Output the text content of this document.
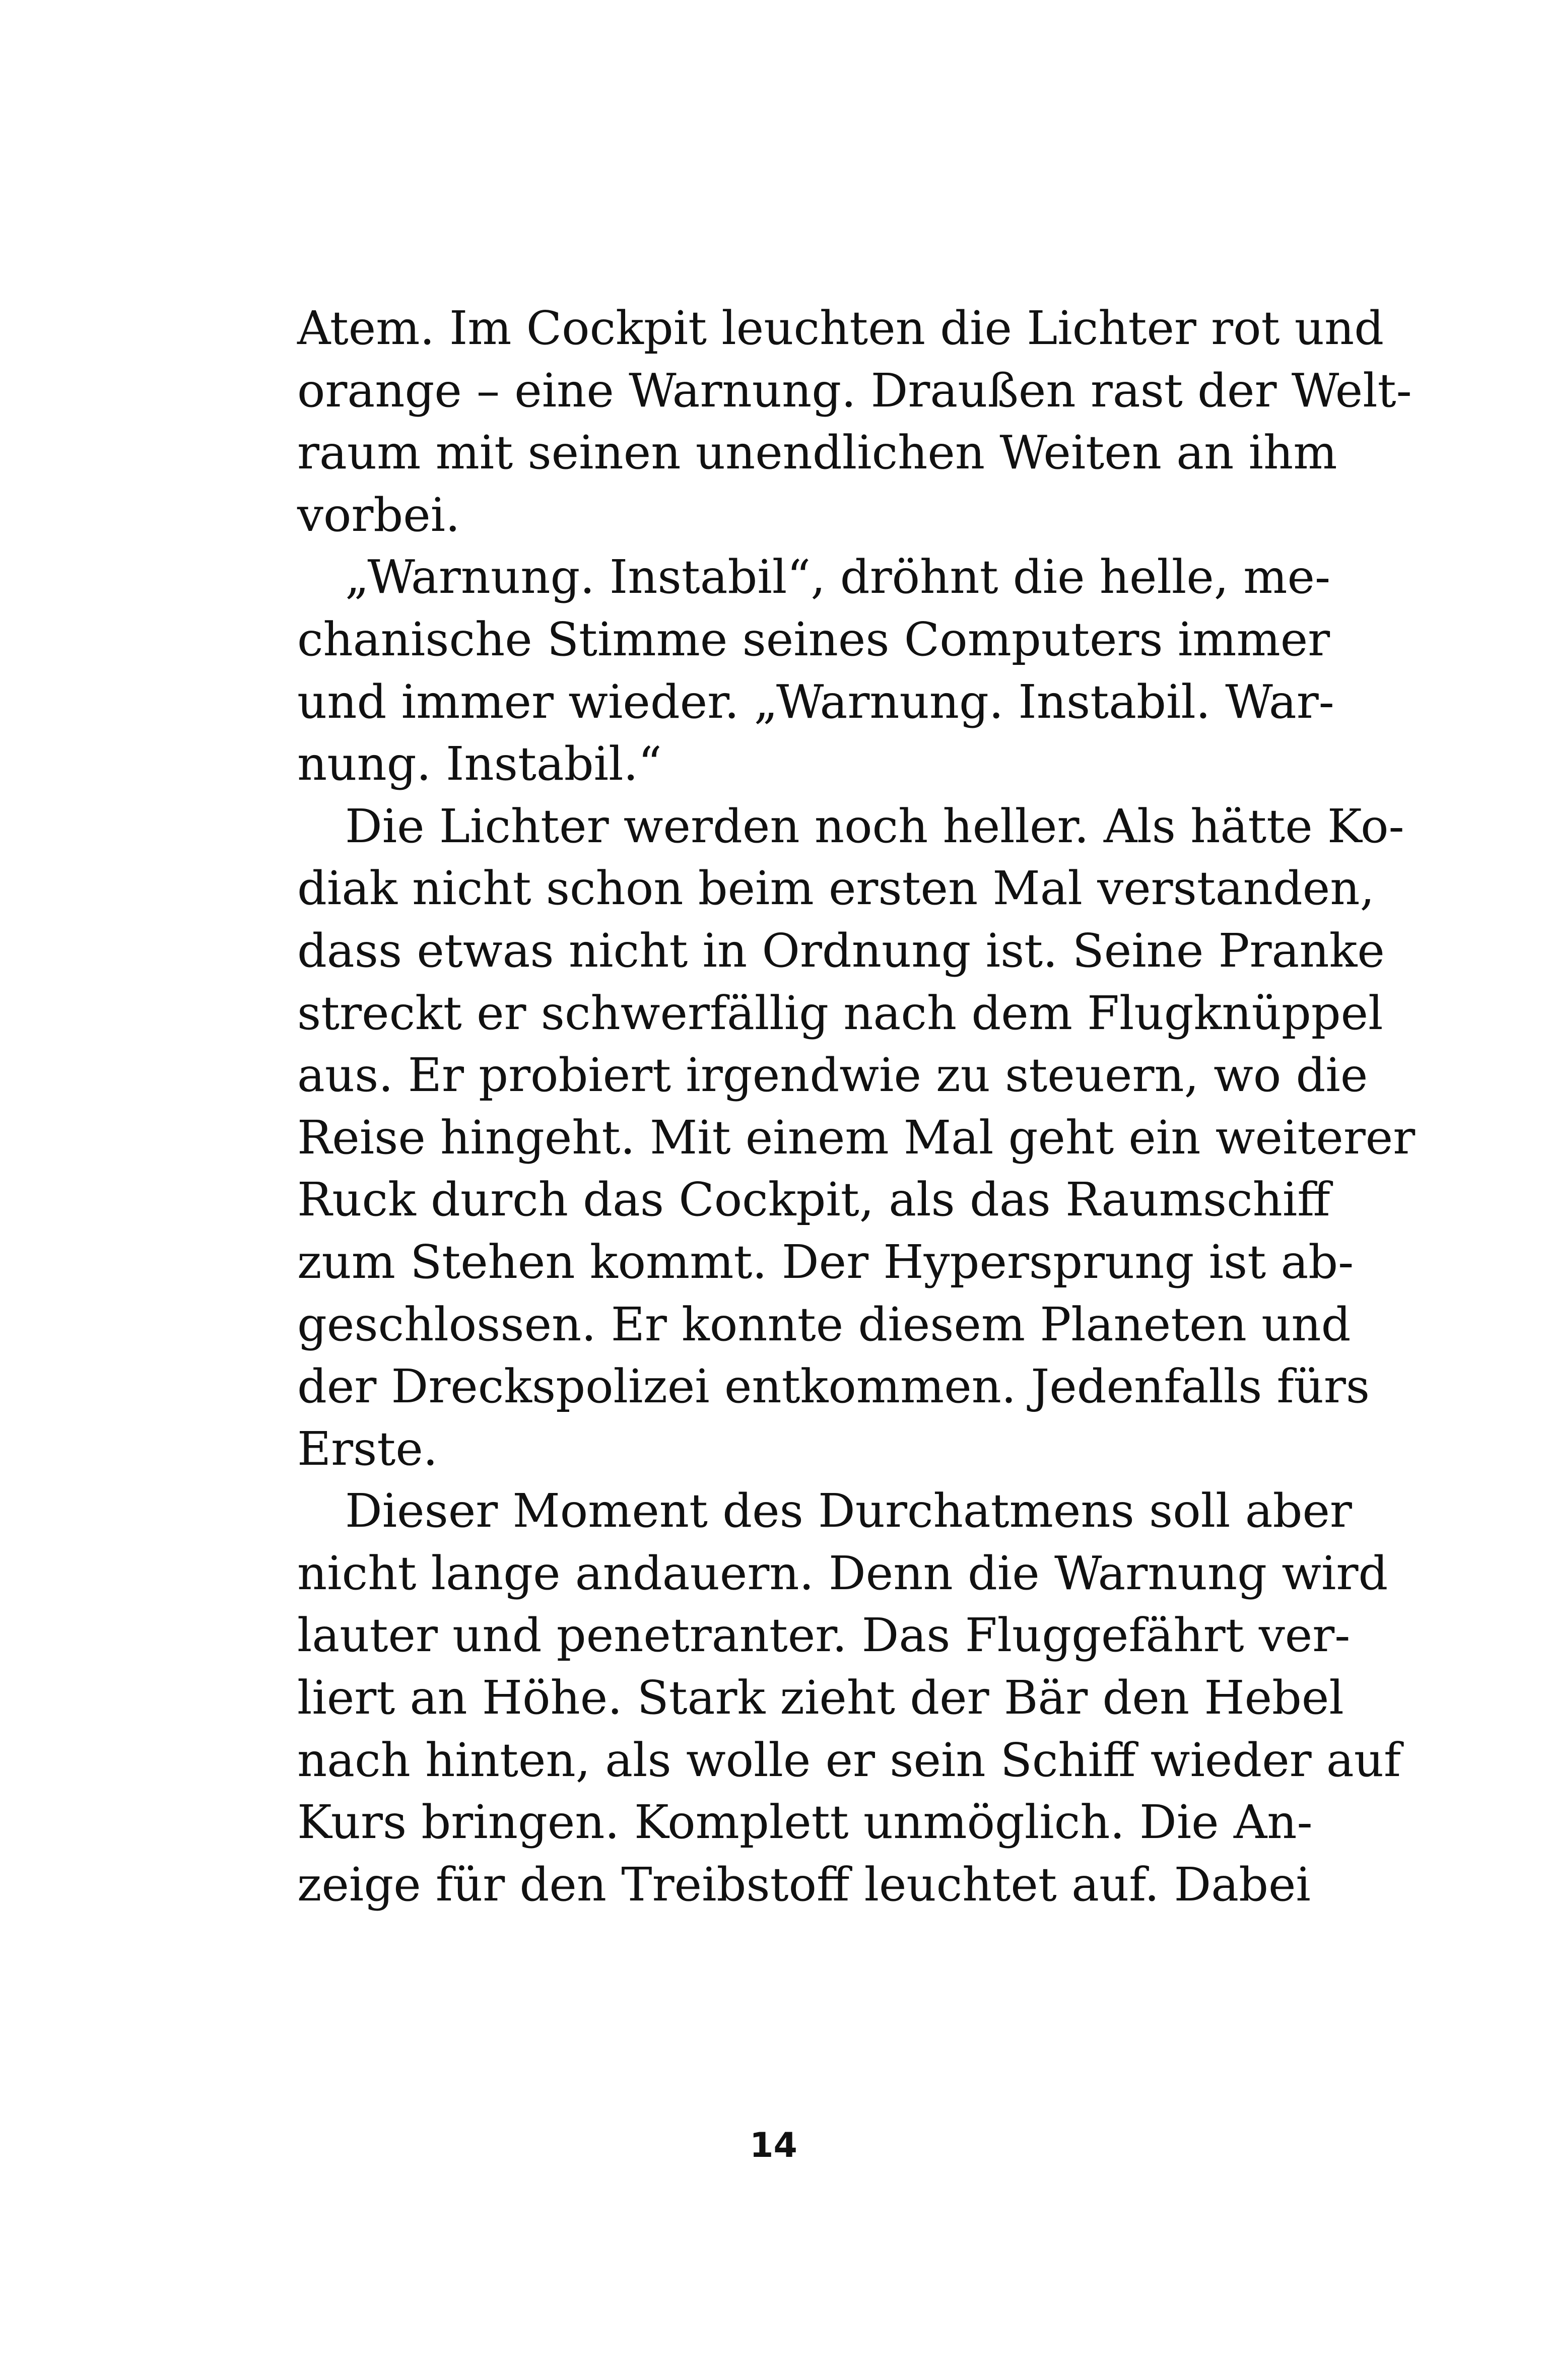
Atem. Im Cockpit leuchten die Lichter rot und
orange – eine Warnung. Draußen rast der Welt-
raum mit seinen unendlichen Weiten an ihm
vorbei.
„Warnung. Instabil“, dröhnt die helle, me-
chanische Stimme seines Computers immer
und immer wieder. „Warnung. Instabil. War-
nung. Instabil.“
Die Lichter werden noch heller. Als hätte Ko-
diak nicht schon beim ersten Mal verstanden,
dass etwas nicht in Ordnung ist. Seine Pranke
streckt er schwerfällig nach dem Flugknüppel
aus. Er probiert irgendwie zu steuern, wo die
Reise hingeht. Mit einem Mal geht ein weiterer
Ruck durch das Cockpit, als das Raumschiff
zum Stehen kommt. Der Hypersprung ist ab-
geschlossen. Er konnte diesem Planeten und
der Dreckspolizei entkommen. Jedenfalls fürs
Erste.
Dieser Moment des Durchatmens soll aber
nicht lange andauern. Denn die Warnung wird
lauter und penetranter. Das Fluggefährt ver-
liert an Höhe. Stark zieht der Bär den Hebel
nach hinten, als wolle er sein Schiff wieder auf
Kurs bringen. Komplett unmöglich. Die An-
zeige für den Treibstoff leuchtet auf. Dabei
14
